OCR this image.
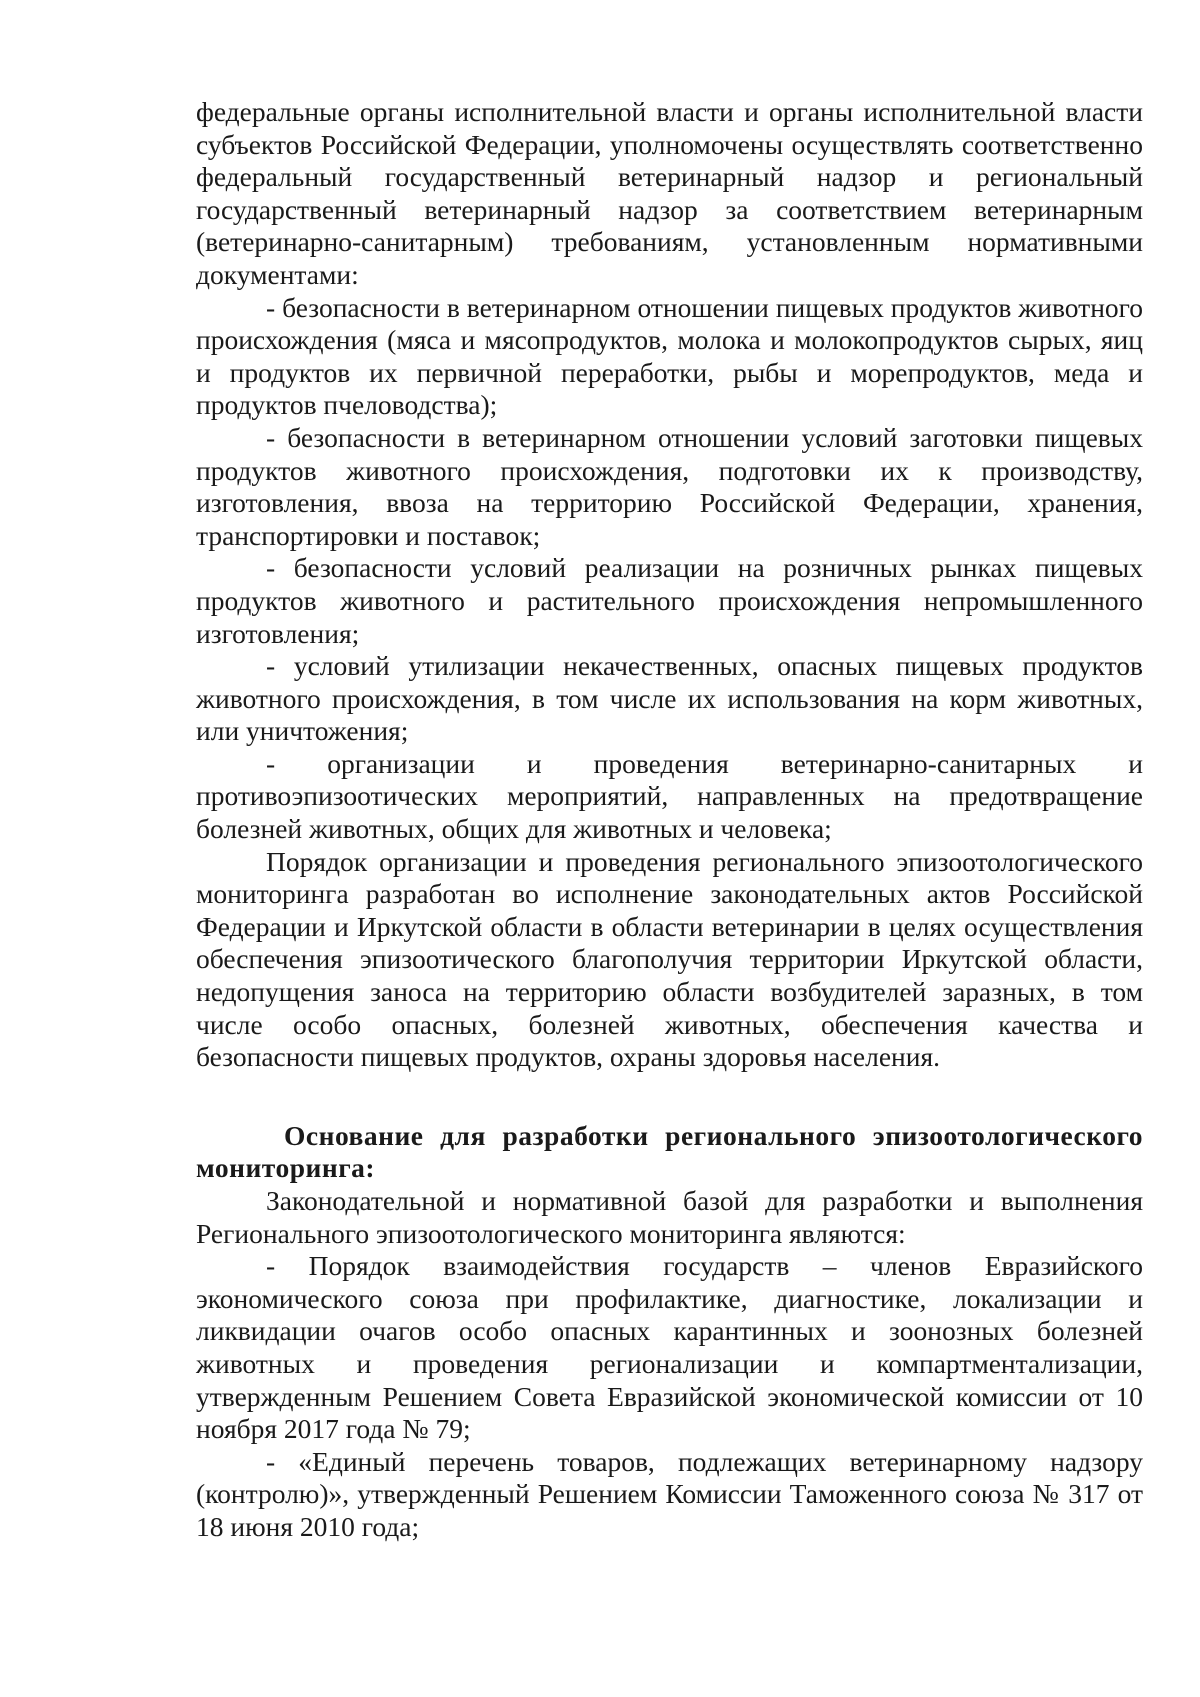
федеральные органы исполнительной власти и органы исполнительной власти субъектов Российской Федерации, уполномочены осуществлять соответственно федеральный государственный ветеринарный надзор и региональный государственный ветеринарный надзор за соответствием ветеринарным (ветеринарно-санитарным) требованиям, установленным нормативными документами:

- безопасности в ветеринарном отношении пищевых продуктов животного происхождения (мяса и мясопродуктов, молока и молокопродуктов сырых, яиц и продуктов их первичной переработки, рыбы и морепродуктов, меда и продуктов пчеловодства);

- безопасности в ветеринарном отношении условий заготовки пищевых продуктов животного происхождения, подготовки их к производству, изготовления, ввоза на территорию Российской Федерации, хранения, транспортировки и поставок;

- безопасности условий реализации на розничных рынках пищевых продуктов животного и растительного происхождения непромышленного изготовления;

- условий утилизации некачественных, опасных пищевых продуктов животного происхождения, в том числе их использования на корм животных, или уничтожения;

- организации и проведения ветеринарно-санитарных и противоэпизоотических мероприятий, направленных на предотвращение болезней животных, общих для животных и человека;

Порядок организации и проведения регионального эпизоотологического мониторинга разработан во исполнение законодательных актов Российской Федерации и Иркутской области в области ветеринарии в целях осуществления обеспечения эпизоотического благополучия территории Иркутской области, недопущения заноса на территорию области возбудителей заразных, в том числе особо опасных, болезней животных, обеспечения качества и безопасности пищевых продуктов, охраны здоровья населения.

Основание для разработки регионального эпизоотологического мониторинга:

Законодательной и нормативной базой для разработки и выполнения Регионального эпизоотологического мониторинга являются:

- Порядок взаимодействия государств – членов Евразийского экономического союза при профилактике, диагностике, локализации и ликвидации очагов особо опасных карантинных и зоонозных болезней животных и проведения регионализации и компартментализации, утвержденным Решением Совета Евразийской экономической комиссии от 10 ноября 2017 года № 79;

- «Единый перечень товаров, подлежащих ветеринарному надзору (контролю)», утвержденный Решением Комиссии Таможенного союза № 317 от 18 июня 2010 года;
